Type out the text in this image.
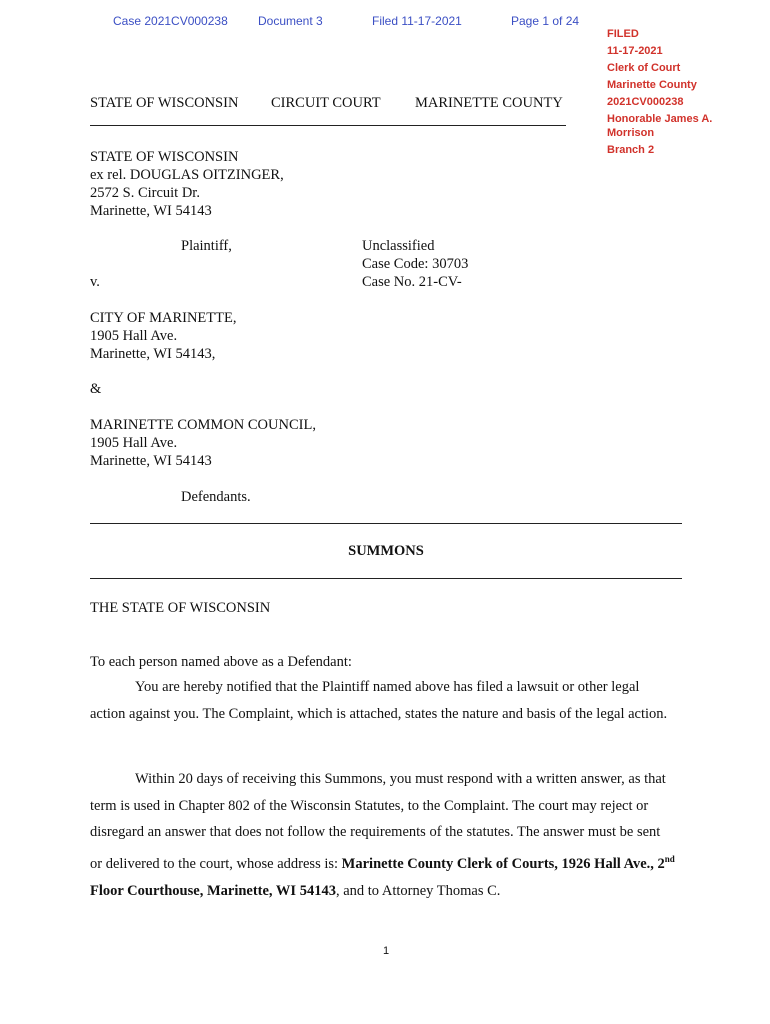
Case 2021CV000238	Document 3	Filed 11-17-2021	Page 1 of 24
FILED
11-17-2021
Clerk of Court
Marinette County
2021CV000238
Honorable James A.
Morrison
Branch 2
STATE OF WISCONSIN CIRCUIT COURT MARINETTE COUNTY
STATE OF WISCONSIN
ex rel. DOUGLAS OITZINGER,
2572 S. Circuit Dr.
Marinette, WI 54143
Plaintiff,	Unclassified
Case Code: 30703
Case No. 21-CV-
v.
CITY OF MARINETTE,
1905 Hall Ave.
Marinette, WI 54143,
&
MARINETTE COMMON COUNCIL,
1905 Hall Ave.
Marinette, WI 54143
Defendants.
SUMMONS
THE STATE OF WISCONSIN
To each person named above as a Defendant:
You are hereby notified that the Plaintiff named above has filed a lawsuit or other legal action against you. The Complaint, which is attached, states the nature and basis of the legal action.
Within 20 days of receiving this Summons, you must respond with a written answer, as that term is used in Chapter 802 of the Wisconsin Statutes, to the Complaint. The court may reject or disregard an answer that does not follow the requirements of the statutes. The answer must be sent or delivered to the court, whose address is: Marinette County Clerk of Courts, 1926 Hall Ave., 2nd Floor Courthouse, Marinette, WI 54143, and to Attorney Thomas C.
1
